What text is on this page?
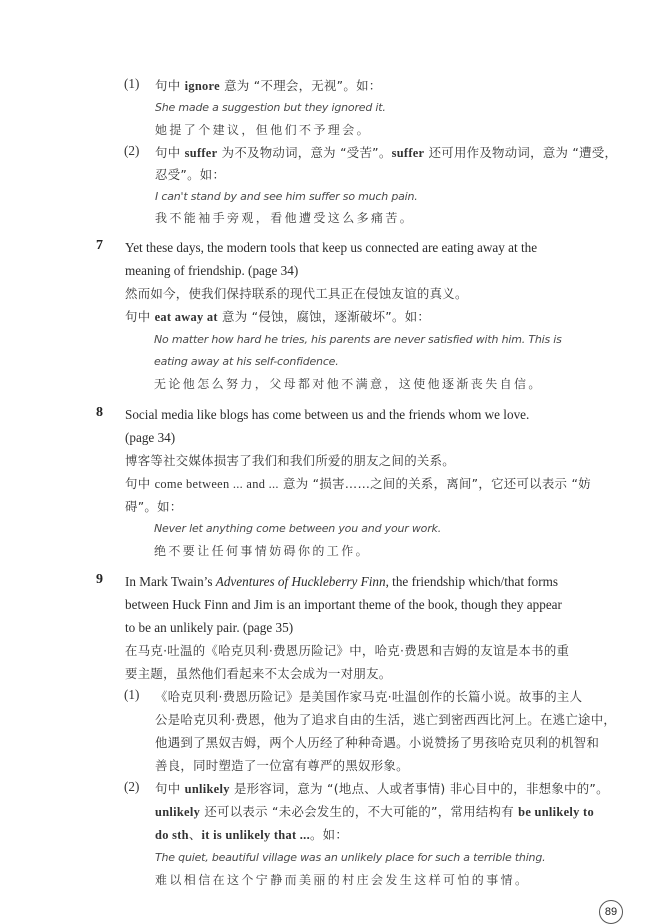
(1) 句中 ignore 意为 “不理会，无视”。如：
She made a suggestion but they ignored it.
她提了个建议，但他们不予理会。
(2) 句中 suffer 为不及物动词，意为 “受苦”。suffer 还可用作及物动词，意为 “遭受，
忍受”。如：
I can't stand by and see him suffer so much pain.
我不能袖手旁观，看他遭受这么多痛苦。
7 Yet these days, the modern tools that keep us connected are eating away at the
meaning of friendship. (page 34)
然而如今，使我们保持联系的现代工具正在侵蚀友谊的真义。
句中 eat away at 意为 “侵蚀，腐蚀，逐渐破坏”。如：
No matter how hard he tries, his parents are never satisfied with him. This is
eating away at his self-confidence.
无论他怎么努力，父母都对他不满意，这使他逐渐丧失自信。
8 Social media like blogs has come between us and the friends whom we love.
(page 34)
博客等社交媒体损害了我们和我们所爱的朋友之间的关系。
句中 come between ... and ... 意为 “损害……之间的关系，离间”，它还可以表示 “妨
碍”。如：
Never let anything come between you and your work.
绝不要让任何事情妨碍你的工作。
9 In Mark Twain’s Adventures of Huckleberry Finn, the friendship which/that forms
between Huck Finn and Jim is an important theme of the book, though they appear
to be an unlikely pair. (page 35)
在马克·吐温的《哈克贝利·费恩历险记》中，哈克·费恩和吉姆的友谊是本书的重
要主题，虽然他们看起来不太会成为一对朋友。
(1) 《哈克贝利·费恩历险记》是美国作家马克·吐温创作的长篇小说。故事的主人
公是哈克贝利·费恩，他为了追求自由的生活，逃亡到密西西比河上。在逃亡途中，
他遇到了黑奴吉姆，两个人历经了种种奇遇。小说赞扬了男孩哈克贝利的机智和
善良，同时塑造了一位富有尊严的黑奴形象。
(2) 句中 unlikely 是形容词，意为 “(地点、人或者事情) 非心目中的，非想象中的”。
unlikely 还可以表示 “未必会发生的，不大可能的”，常用结构有 be unlikely to
do sth、it is unlikely that ...。如：
The quiet, beautiful village was an unlikely place for such a terrible thing.
难以相信在这个宁静而美丽的村庄会发生这样可怕的事情。
89
